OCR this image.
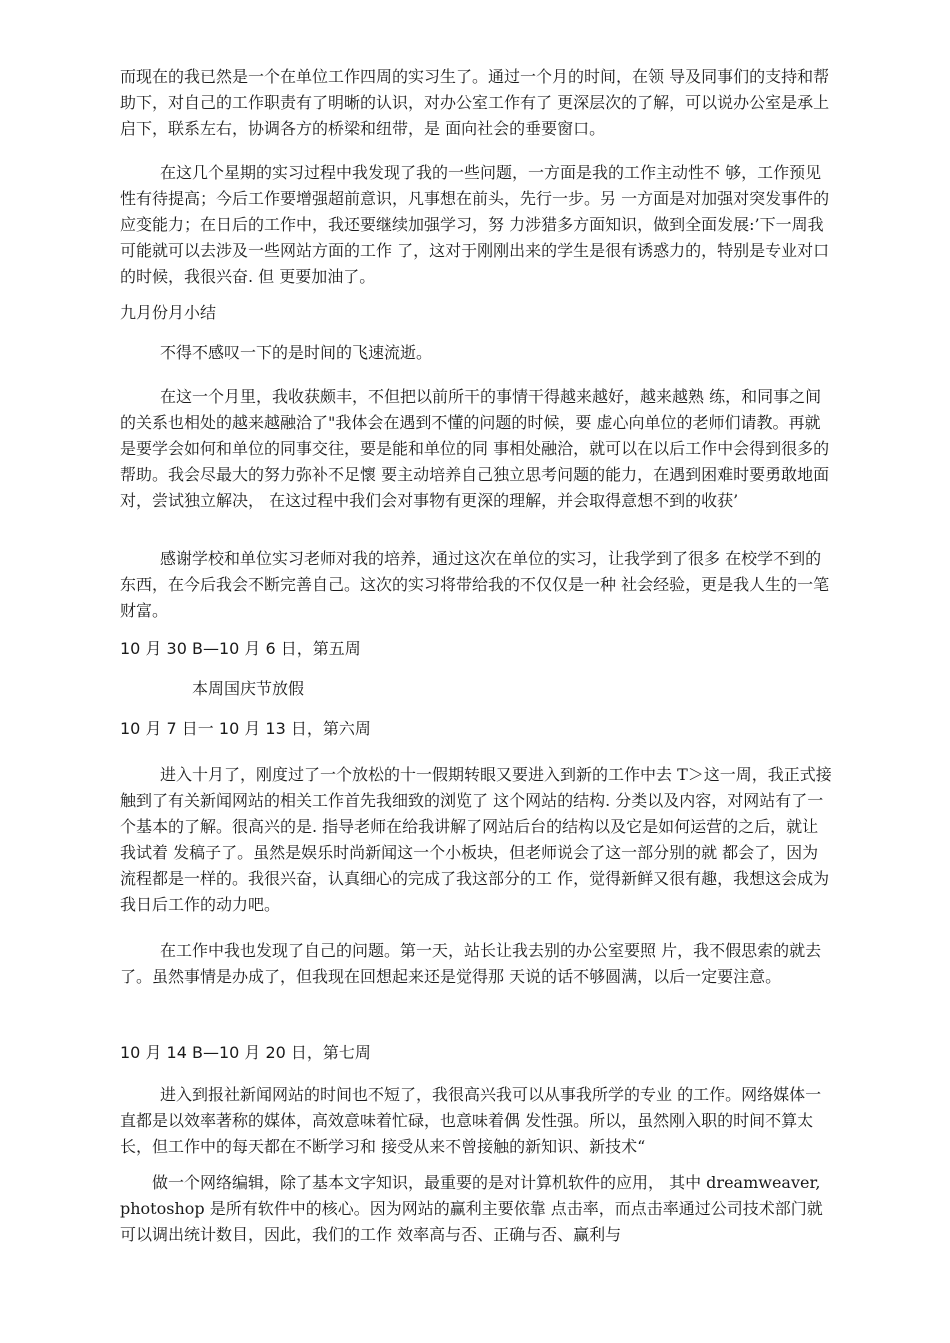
而现在的我已然是一个在单位工作四周的实习生了。通过一个月的时间，在领 导及同事们的支持和帮助下，对自己的工作职责有了明晰的认识，对办公室工作有了 更深层次的了解，可以说办公室是承上启下，联系左右，协调各方的桥梁和纽带，是 面向社会的垂要窗口。

在这几个星期的实习过程中我发现了我的一些问题，一方面是我的工作主动性不 够，工作预见性有待提高；今后工作要增强超前意识，凡事想在前头，先行一步。另 一方面是对加强对突发事件的应变能力；在日后的工作中，我还要继续加强学习，努 力涉猎多方面知识，做到全面发展:’下一周我可能就可以去涉及一些网站方面的工作 了，这对于刚刚出来的学生是很有诱惑力的，特别是专业对口的时候，我很兴奋. 但 更要加油了。

九月份月小结

不得不感叹一下的是时间的飞速流逝。

在这一个月里，我收获颇丰，不但把以前所干的事情干得越来越好，越来越熟 练，和同事之间的关系也相处的越来越融洽了"我体会在遇到不懂的问题的时候，要 虚心向单位的老师们请教。再就是要学会如何和单位的同事交往，要是能和单位的同 事相处融洽，就可以在以后工作中会得到很多的帮助。我会尽最大的努力弥补不足懷 要主动培养自己独立思考问题的能力，在遇到困难时要勇敢地面对，尝试独立解决， 在这过程中我们会对事物有更深的理解，并会取得意想不到的收获’

感谢学校和单位实习老师对我的培养，通过这次在单位的实习，让我学到了很多 在校学不到的东西，在今后我会不断完善自己。这次的实习将带给我的不仅仅是一种 社会经验，更是我人生的一笔财富。

10 月 30 B—10 月 6 日，第五周

本周国庆节放假

10 月 7 日一 10 月 13 日，第六周

进入十月了，刚度过了一个放松的十一假期转眼又要进入到新的工作中去 T＞这一周，我正式接触到了有关新闻网站的相关工作首先我细致的浏览了 这个网站的结构. 分类以及内容，对网站有了一个基本的了解。很高兴的是. 指导老师在给我讲解了网站后台的结构以及它是如何运营的之后，就让我试着 发稿子了。虽然是娱乐时尚新闻这一个小板块，但老师说会了这一部分别的就 都会了，因为流程都是一样的。我很兴奋，认真细心的完成了我这部分的工 作，觉得新鲜又很有趣，我想这会成为我日后工作的动力吧。

在工作中我也发现了自己的问题。第一天，站长让我去别的办公室要照 片，我不假思索的就去了。虽然事情是办成了，但我现在回想起来还是觉得那 天说的话不够圆满，以后一定要注意。

10 月 14 B—10 月 20 日，第七周

进入到报社新闻网站的时间也不短了，我很高兴我可以从事我所学的专业 的工作。网络媒体一直都是以效率著称的媒体，高效意味着忙碌，也意味着偶 发性强。所以，虽然刚入职的时间不算太长，但工作中的每天都在不断学习和 接受从来不曾接触的新知识、新技术“

做一个网络编辑，除了基本文字知识，最重要的是对计算机软件的应用， 其中 dreamweaver, photoshop 是所有软件中的核心。因为网站的赢利主要依靠 点击率，而点击率通过公司技术部门就可以调出统计数目，因此，我们的工作 效率高与否、正确与否、赢利与
